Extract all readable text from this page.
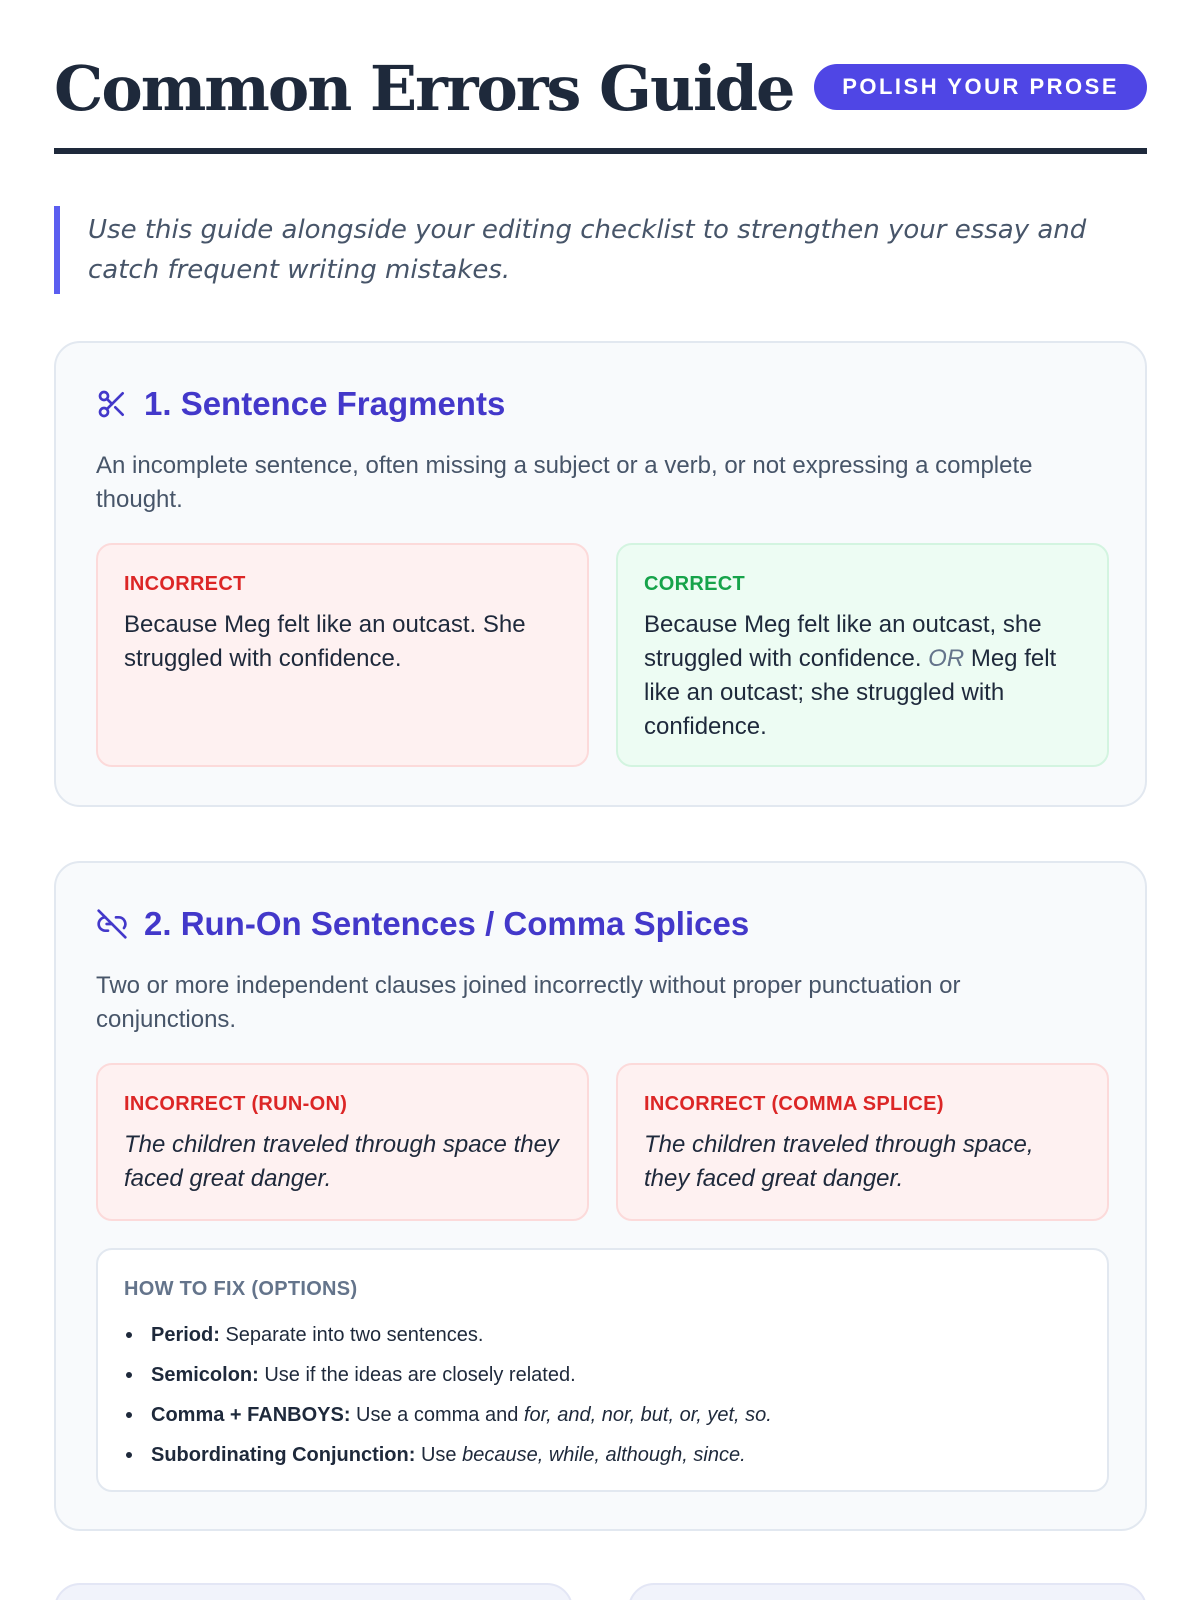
Common Errors Guide	POLISH YOUR PROSE
Use this guide alongside your editing checklist to strengthen your essay and catch frequent writing mistakes.
1. Sentence Fragments
An incomplete sentence, often missing a subject or a verb, or not expressing a complete thought.
INCORRECT
Because Meg felt like an outcast. She struggled with confidence.
CORRECT
Because Meg felt like an outcast, she struggled with confidence. OR Meg felt like an outcast; she struggled with confidence.
2. Run-On Sentences / Comma Splices
Two or more independent clauses joined incorrectly without proper punctuation or conjunctions.
INCORRECT (RUN-ON)
The children traveled through space they faced great danger.
INCORRECT (COMMA SPLICE)
The children traveled through space, they faced great danger.
HOW TO FIX (OPTIONS)
Period: Separate into two sentences.
Semicolon: Use if the ideas are closely related.
Comma + FANBOYS: Use a comma and for, and, nor, but, or, yet, so.
Subordinating Conjunction: Use because, while, although, since.
